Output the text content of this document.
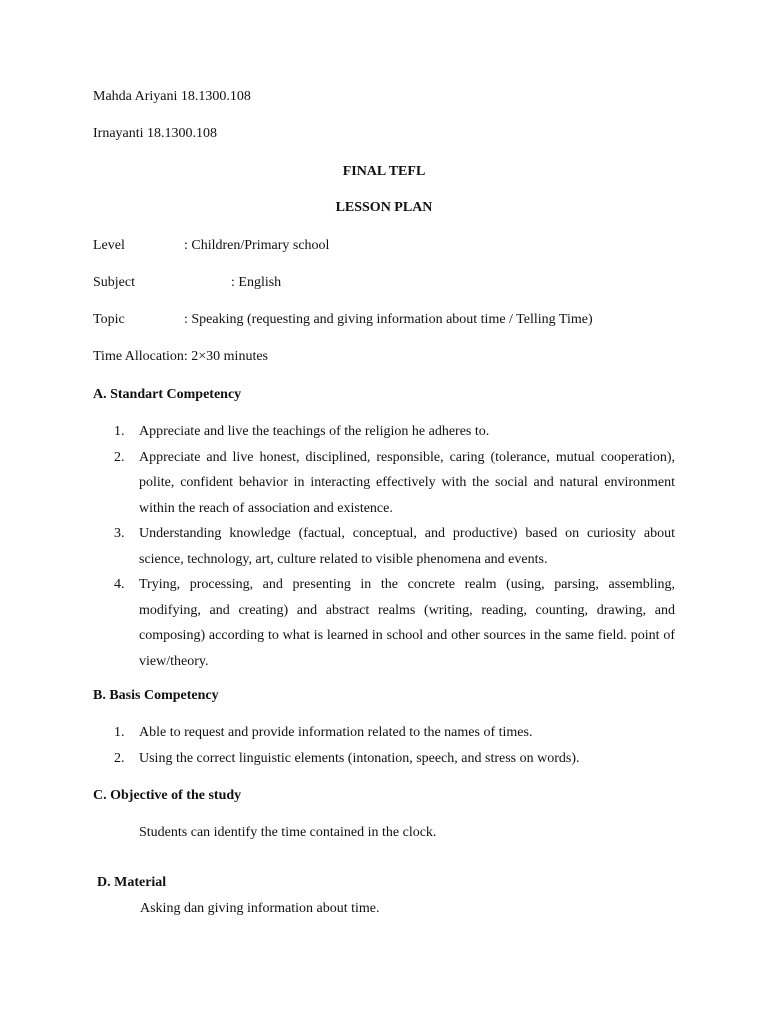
Mahda Ariyani 18.1300.108
Irnayanti 18.1300.108
FINAL TEFL
LESSON PLAN
Level	: Children/Primary school
Subject	: English
Topic	: Speaking (requesting and giving information about time / Telling Time)
Time Allocation: 2×30 minutes
A. Standart Competency
1. Appreciate and live the teachings of the religion he adheres to.
2. Appreciate and live honest, disciplined, responsible, caring (tolerance, mutual cooperation), polite, confident behavior in interacting effectively with the social and natural environment within the reach of association and existence.
3. Understanding knowledge (factual, conceptual, and productive) based on curiosity about science, technology, art, culture related to visible phenomena and events.
4. Trying, processing, and presenting in the concrete realm (using, parsing, assembling, modifying, and creating) and abstract realms (writing, reading, counting, drawing, and composing) according to what is learned in school and other sources in the same field. point of view/theory.
B. Basis Competency
1. Able to request and provide information related to the names of times.
2. Using the correct linguistic elements (intonation, speech, and stress on words).
C. Objective of the study
Students can identify the time contained in the clock.
D. Material
Asking dan giving information about time.
